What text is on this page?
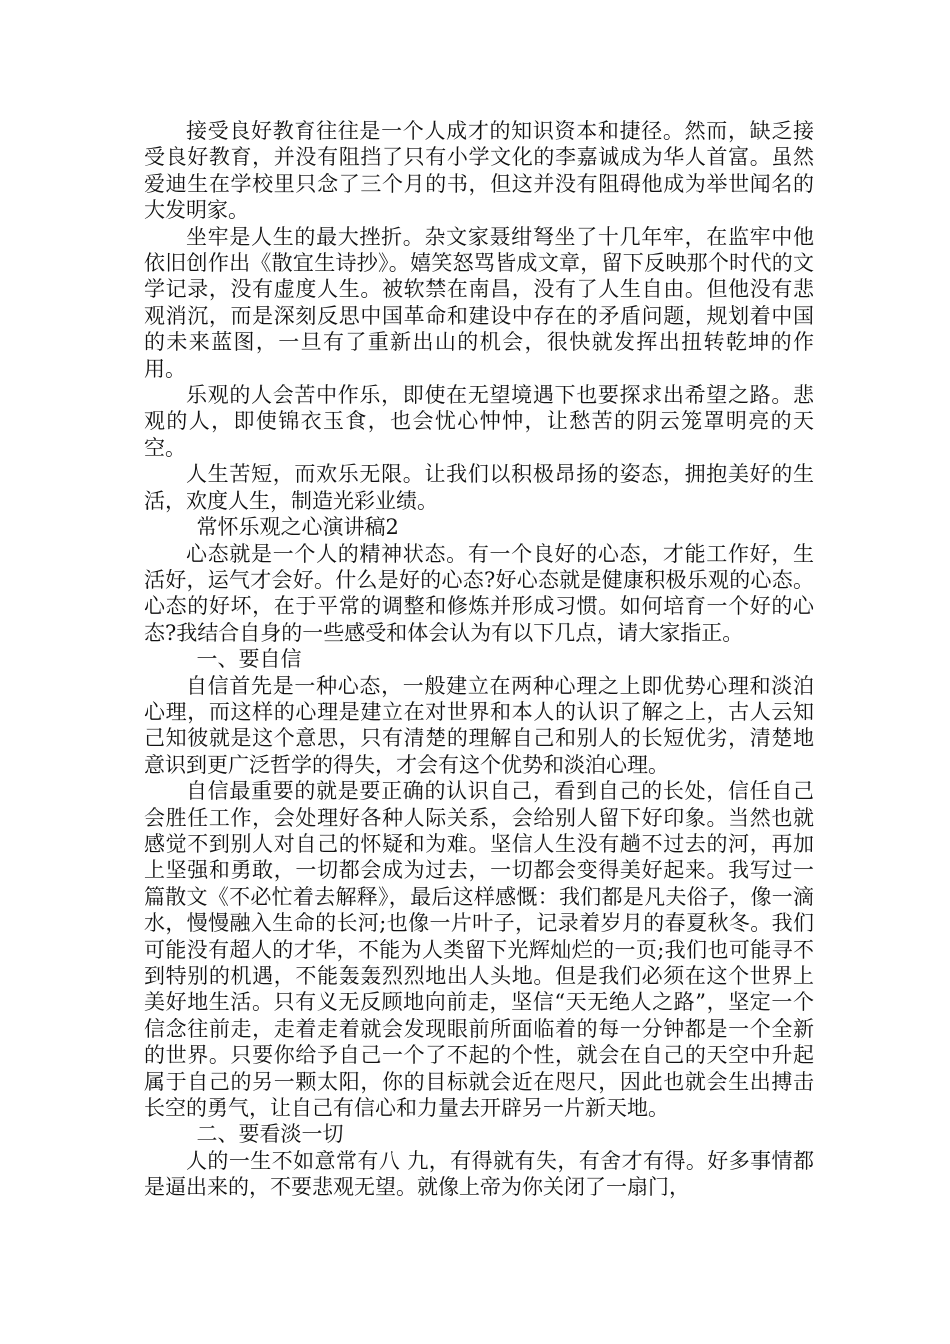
接受良好教育往往是一个人成才的知识资本和捷径。然而，缺乏接受良好教育，并没有阻挡了只有小学文化的李嘉诚成为华人首富。虽然爱迪生在学校里只念了三个月的书，但这并没有阻碍他成为举世闻名的大发明家。

坐牢是人生的最大挫折。杂文家聂绀弩坐了十几年牢，在监牢中他依旧创作出《散宜生诗抄》。嬉笑怒骂皆成文章，留下反映那个时代的文学记录，没有虚度人生。被软禁在南昌，没有了人生自由。但他没有悲观消沉，而是深刻反思中国革命和建设中存在的矛盾问题，规划着中国的未来蓝图，一旦有了重新出山的机会，很快就发挥出扭转乾坤的作用。

乐观的人会苦中作乐，即使在无望境遇下也要探求出希望之路。悲观的人，即使锦衣玉食，也会忧心忡忡，让愁苦的阴云笼罩明亮的天空。

人生苦短，而欢乐无限。让我们以积极昂扬的姿态，拥抱美好的生活，欢度人生，制造光彩业绩。

常怀乐观之心演讲稿2

心态就是一个人的精神状态。有一个良好的心态，才能工作好，生活好，运气才会好。什么是好的心态?好心态就是健康积极乐观的心态。心态的好坏，在于平常的调整和修炼并形成习惯。如何培育一个好的心态?我结合自身的一些感受和体会认为有以下几点，请大家指正。

一、要自信

自信首先是一种心态，一般建立在两种心理之上即优势心理和淡泊心理，而这样的心理是建立在对世界和本人的认识了解之上，古人云知己知彼就是这个意思，只有清楚的理解自己和别人的长短优劣，清楚地意识到更广泛哲学的得失，才会有这个优势和淡泊心理。

自信最重要的就是要正确的认识自己，看到自己的长处，信任自己会胜任工作，会处理好各种人际关系，会给别人留下好印象。当然也就感觉不到别人对自己的怀疑和为难。坚信人生没有趟不过去的河，再加上坚强和勇敢，一切都会成为过去，一切都会变得美好起来。我写过一篇散文《不必忙着去解释》，最后这样感慨：我们都是凡夫俗子，像一滴水，慢慢融入生命的长河;也像一片叶子，记录着岁月的春夏秋冬。我们可能没有超人的才华，不能为人类留下光辉灿烂的一页;我们也可能寻不到特别的机遇，不能轰轰烈烈地出人头地。但是我们必须在这个世界上美好地生活。只有义无反顾地向前走，坚信“天无绝人之路”，坚定一个信念往前走，走着走着就会发现眼前所面临着的每一分钟都是一个全新的世界。只要你给予自己一个了不起的个性，就会在自己的天空中升起属于自己的另一颗太阳，你的目标就会近在咫尺，因此也就会生出搏击长空的勇气，让自己有信心和力量去开辟另一片新天地。

二、要看淡一切

人的一生不如意常有八 九，有得就有失，有舍才有得。好多事情都是逼出来的，不要悲观无望。就像上帝为你关闭了一扇门，
